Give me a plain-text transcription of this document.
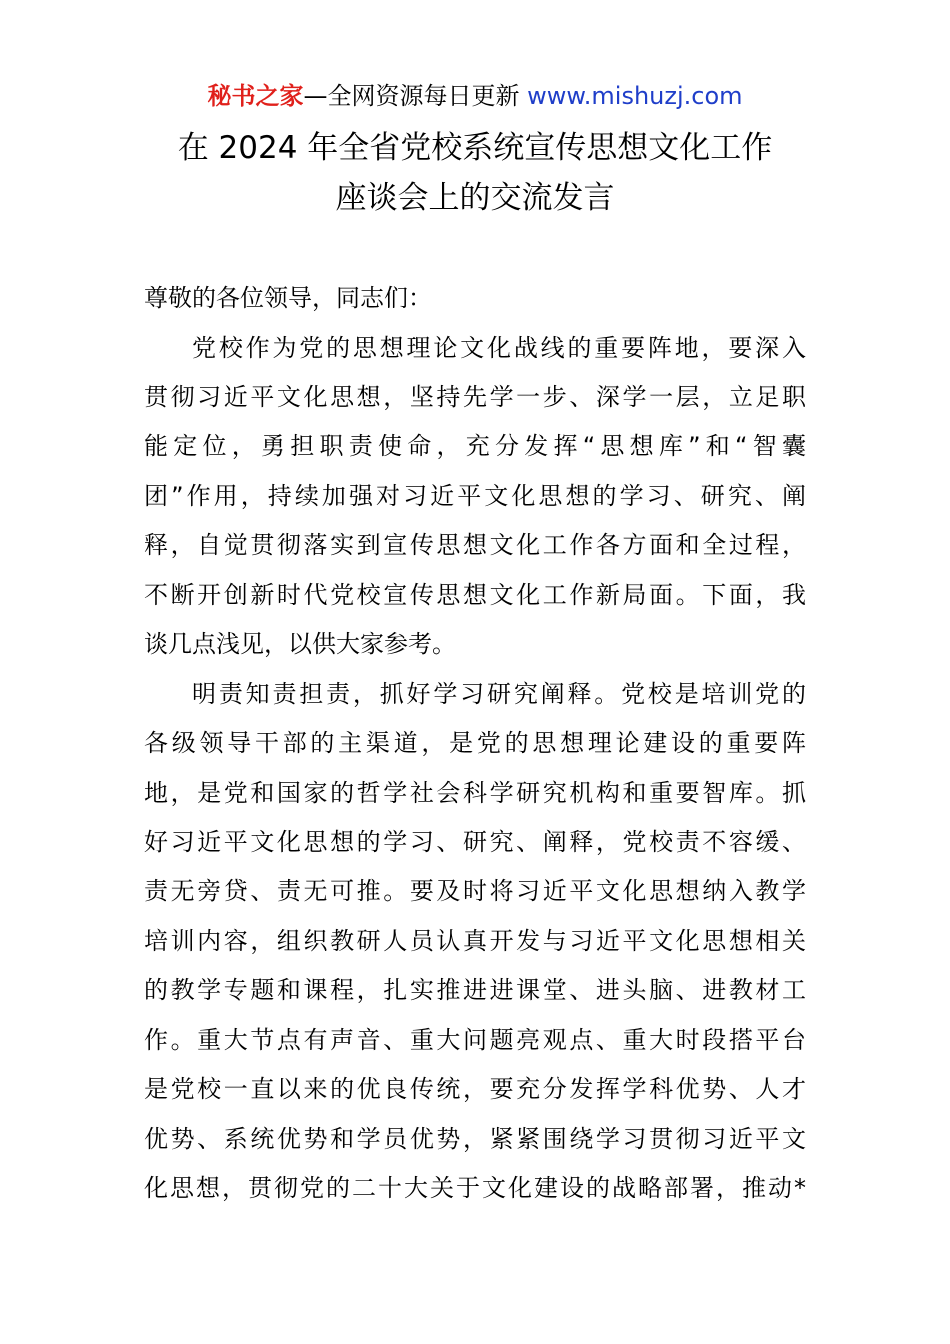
秘书之家—全网资源每日更新 www.mishuzj.com
在 2024 年全省党校系统宣传思想文化工作
座谈会上的交流发言
尊敬的各位领导，同志们：
党校作为党的思想理论文化战线的重要阵地，要深入
贯彻习近平文化思想，坚持先学一步、深学一层，立足职
能定位，勇担职责使命，充分发挥“思想库”和“智囊
团”作用，持续加强对习近平文化思想的学习、研究、阐
释，自觉贯彻落实到宣传思想文化工作各方面和全过程，
不断开创新时代党校宣传思想文化工作新局面。下面，我
谈几点浅见，以供大家参考。
明责知责担责，抓好学习研究阐释。党校是培训党的
各级领导干部的主渠道，是党的思想理论建设的重要阵
地，是党和国家的哲学社会科学研究机构和重要智库。抓
好习近平文化思想的学习、研究、阐释，党校责不容缓、
责无旁贷、责无可推。要及时将习近平文化思想纳入教学
培训内容，组织教研人员认真开发与习近平文化思想相关
的教学专题和课程，扎实推进进课堂、进头脑、进教材工
作。重大节点有声音、重大问题亮观点、重大时段搭平台
是党校一直以来的优良传统，要充分发挥学科优势、人才
优势、系统优势和学员优势，紧紧围绕学习贯彻习近平文
化思想，贯彻党的二十大关于文化建设的战略部署，推动*
